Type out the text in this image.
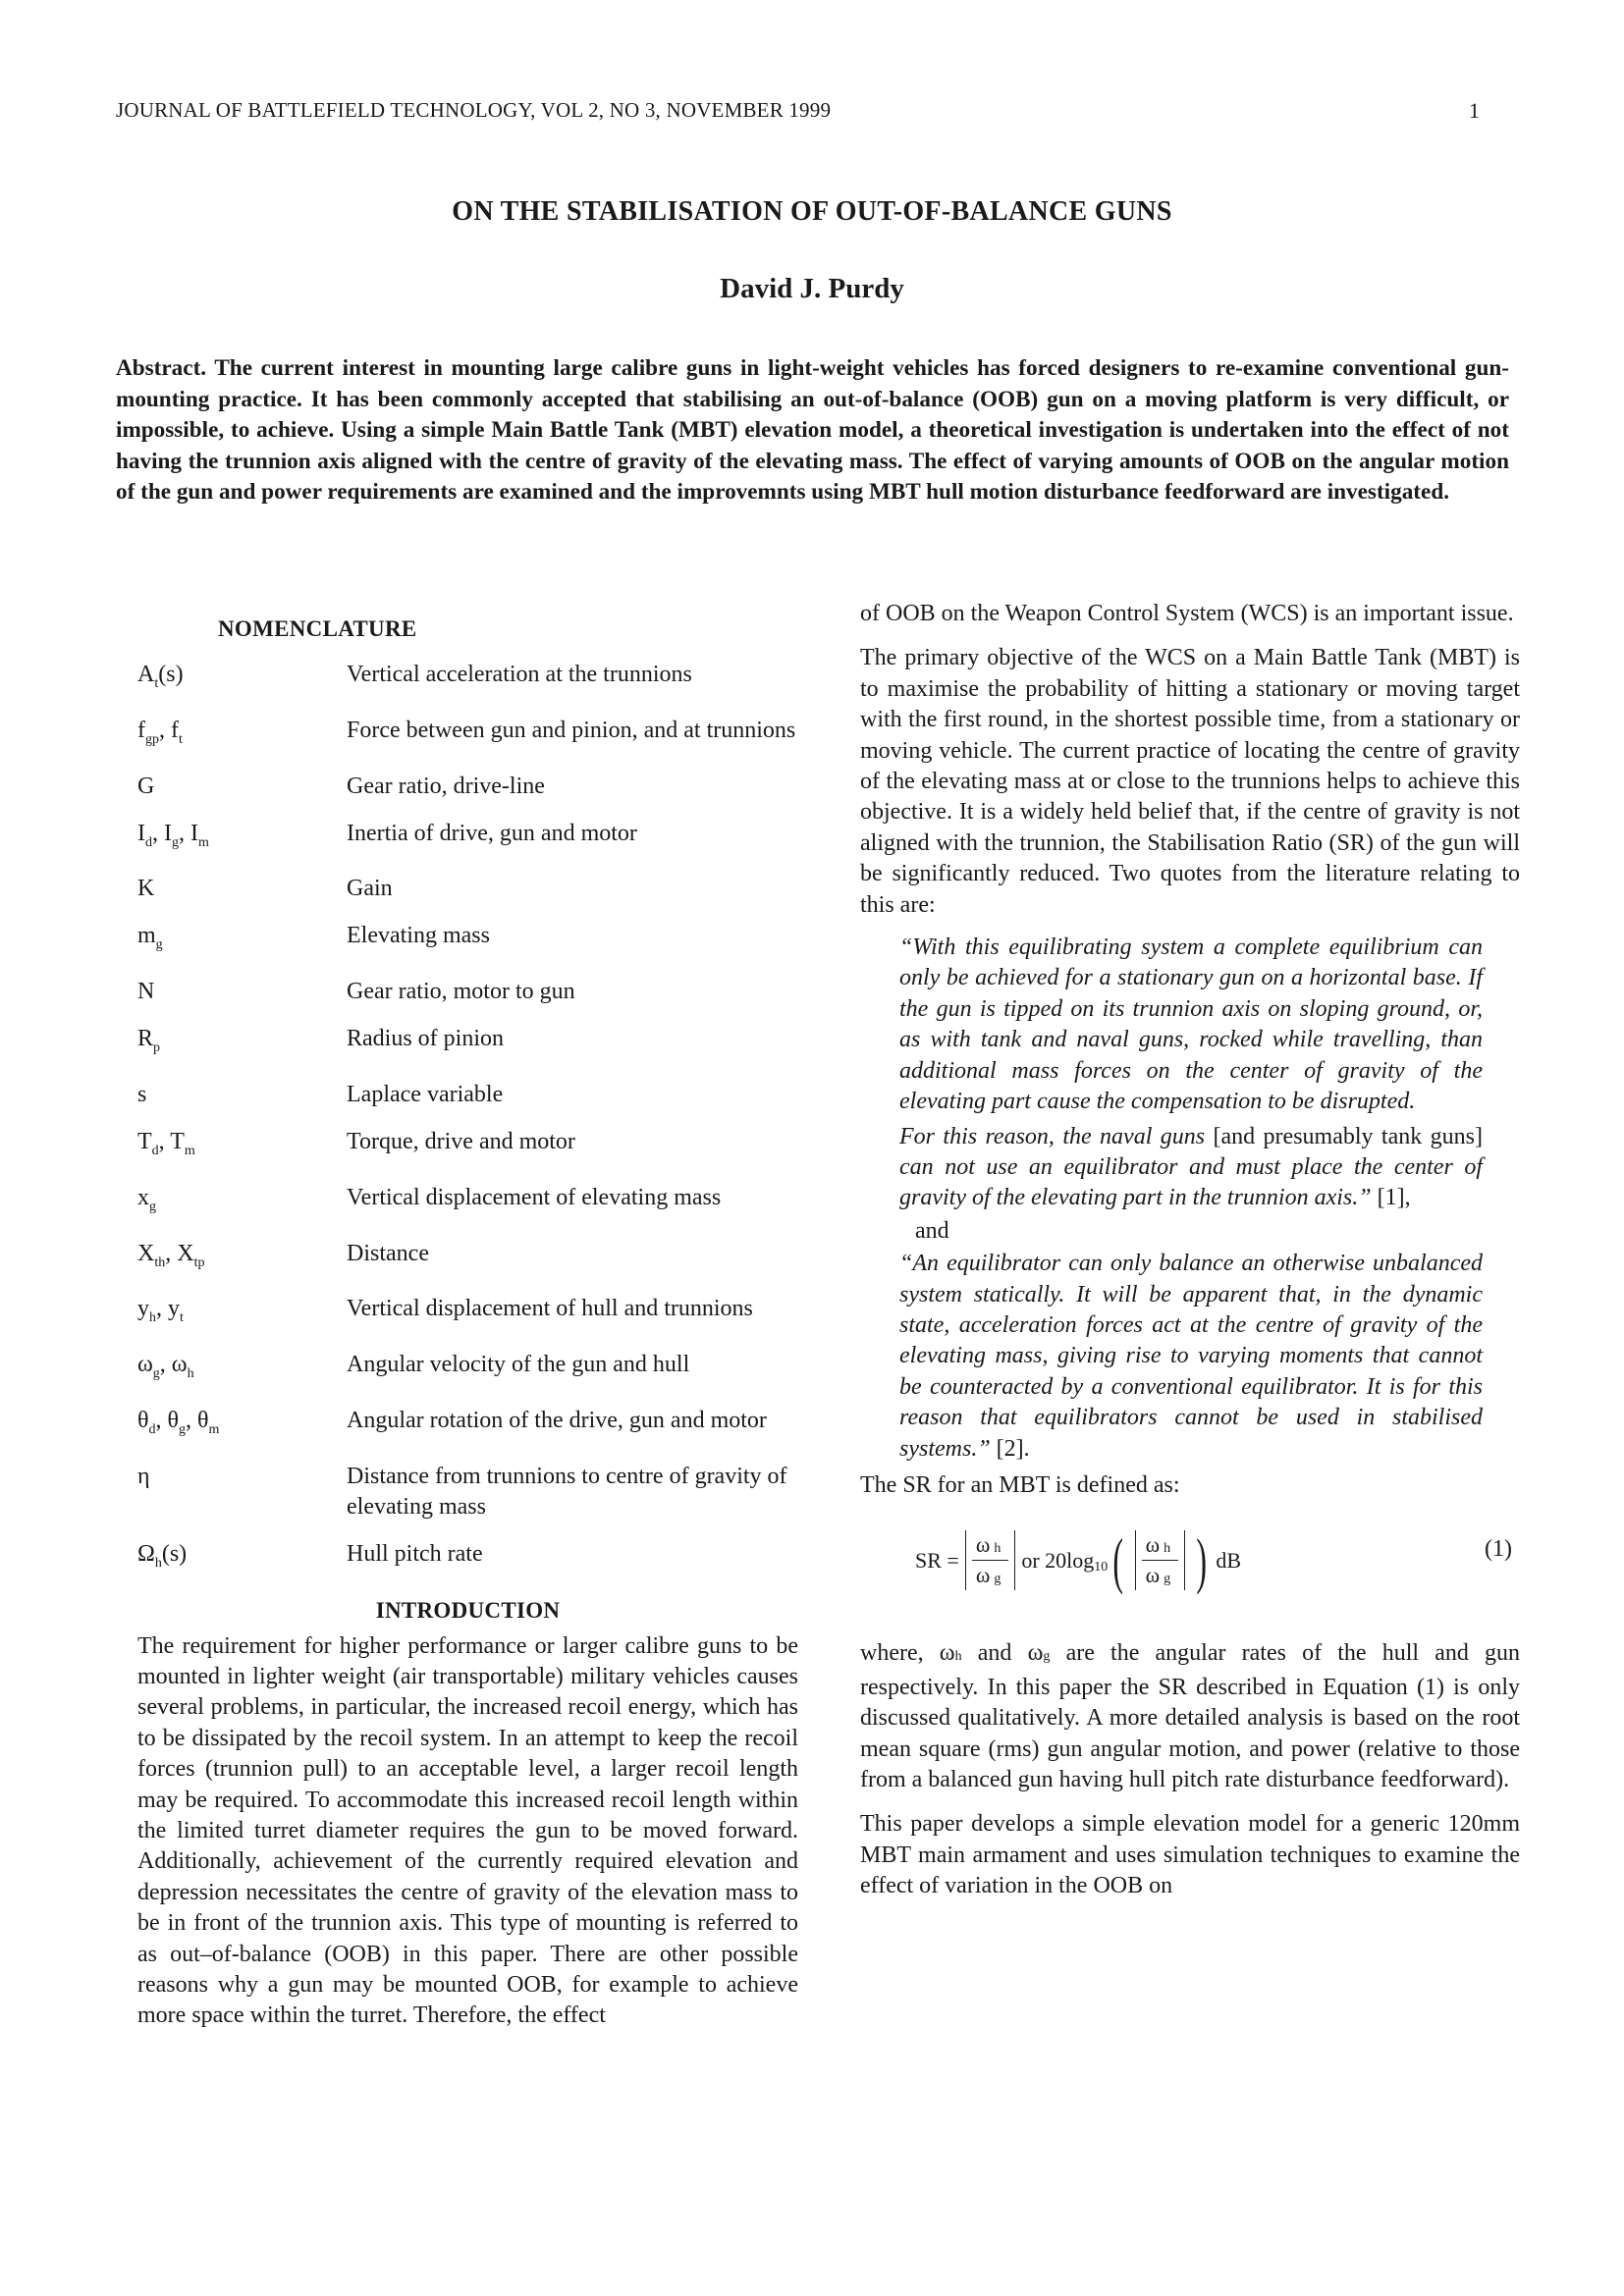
JOURNAL OF BATTLEFIELD TECHNOLOGY, VOL 2, NO 3, NOVEMBER 1999	1
ON THE STABILISATION OF OUT-OF-BALANCE GUNS
David J. Purdy
Abstract. The current interest in mounting large calibre guns in light-weight vehicles has forced designers to re-examine conventional gun-mounting practice. It has been commonly accepted that stabilising an out-of-balance (OOB) gun on a moving platform is very difficult, or impossible, to achieve. Using a simple Main Battle Tank (MBT) elevation model, a theoretical investigation is undertaken into the effect of not having the trunnion axis aligned with the centre of gravity of the elevating mass. The effect of varying amounts of OOB on the angular motion of the gun and power requirements are examined and the improvemnts using MBT hull motion disturbance feedforward are investigated.
NOMENCLATURE
$A_t(s)$	Vertical acceleration at the trunnions
$f_{gp}$, $f_t$	Force between gun and pinion, and at trunnions
G	Gear ratio, drive-line
$I_d$, $I_g$, $I_m$	Inertia of drive, gun and motor
K	Gain
$m_g$	Elevating mass
N	Gear ratio, motor to gun
$R_p$	Radius of pinion
s	Laplace variable
$T_d$, $T_m$	Torque, drive and motor
$x_g$	Vertical displacement of elevating mass
$X_{th}$, $X_{tp}$	Distance
$y_h$, $y_t$	Vertical displacement of hull and trunnions
$\omega_g$, $\omega_h$	Angular velocity of the gun and hull
$\theta_d$, $\theta_g$, $\theta_m$	Angular rotation of the drive, gun and motor
η	Distance from trunnions to centre of gravity of elevating mass
$\Omega_h(s)$	Hull pitch rate
INTRODUCTION

The requirement for higher performance or larger calibre guns to be mounted in lighter weight (air transportable) military vehicles causes several problems, in particular, the increased recoil energy, which has to be dissipated by the recoil system. In an attempt to keep the recoil forces (trunnion pull) to an acceptable level, a larger recoil length may be required. To accommodate this increased recoil length within the limited turret diameter requires the gun to be moved forward. Additionally, achievement of the currently required elevation and depression necessitates the centre of gravity of the elevation mass to be in front of the trunnion axis. This type of mounting is referred to as out–of-balance (OOB) in this paper. There are other possible reasons why a gun may be mounted OOB, for example to achieve more space within the turret. Therefore, the effect

of OOB on the Weapon Control System (WCS) is an important issue.

The primary objective of the WCS on a Main Battle Tank (MBT) is to maximise the probability of hitting a stationary or moving target with the first round, in the shortest possible time, from a stationary or moving vehicle. The current practice of locating the centre of gravity of the elevating mass at or close to the trunnions helps to achieve this objective. It is a widely held belief that, if the centre of gravity is not aligned with the trunnion, the Stabilisation Ratio (SR) of the gun will be significantly reduced. Two quotes from the literature relating to this are:

“With this equilibrating system a complete equilibrium can only be achieved for a stationary gun on a horizontal base. If the gun is tipped on its trunnion axis on sloping ground, or, as with tank and naval guns, rocked while travelling, than additional mass forces on the center of gravity of the elevating part cause the compensation to be disrupted.
For this reason, the naval guns [and presumably tank guns] can not use an equilibrator and must place the center of gravity of the elevating part in the trunnion axis.” [1],
and
“An equilibrator can only balance an otherwise unbalanced system statically. It will be apparent that, in the dynamic state, acceleration forces act at the centre of gravity of the elevating mass, giving rise to varying moments that cannot be counteracted by a conventional equilibrator. It is for this reason that equilibrators cannot be used in stabilised systems.” [2].

The SR for an MBT is defined as:

SR = $\frac{\text{ω h}}{\text{ω g}}$ or 20log 10 ( $\frac{\text{ω h}}{\text{ω g}}$ ) dB	(1)

where, ωh and ωg are the angular rates of the hull and gun respectively. In this paper the SR described in Equation (1) is only discussed qualitatively. A more detailed analysis is based on the root mean square (rms) gun angular motion, and power (relative to those from a balanced gun having hull pitch rate disturbance feedforward).

This paper develops a simple elevation model for a generic 120mm MBT main armament and uses simulation techniques to examine the effect of variation in the OOB on
